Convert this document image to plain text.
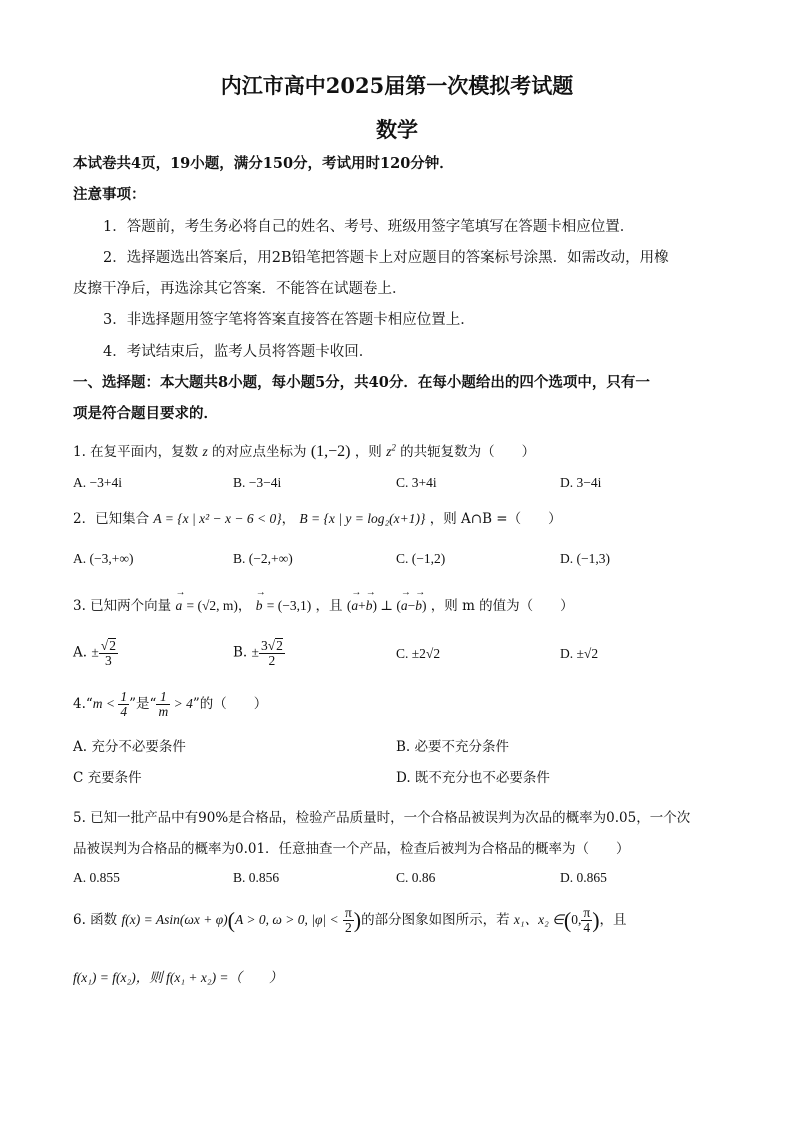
内江市高中2025届第一次模拟考试题
数学
本试卷共4页，19小题，满分150分，考试用时120分钟．
注意事项：
1．答题前，考生务必将自己的姓名、考号、班级用签字笔填写在答题卡相应位置．
2．选择题选出答案后，用2B铅笔把答题卡上对应题目的答案标号涂黑．如需改动，用橡
皮擦干净后，再选涂其它答案．不能答在试题卷上．
3．非选择题用签字笔将答案直接答在答题卡相应位置上．
4．考试结束后，监考人员将答题卡收回．
一、选择题：本大题共8小题，每小题5分，共40分．在每小题给出的四个选项中，只有一
项是符合题目要求的．
1. 在复平面内，复数 z 的对应点坐标为 (1,−2) ，则 $z^2$ 的共轭复数为（　　）
A. −3+4i	B. −3−4i	C. 3+4i	D. 3−4i
2．已知集合 A = {x | x² − x − 6 < 0}， B = {x | y = log₂(x+1)} ，则 A∩B =（　　）
A. (−3,+∞)	B. (−2,+∞)	C. (−1,2)	D. (−1,3)
3. 已知两个向量 → a = (√2, m)， → b = (−3,1) ，且 (→ a+→ b) ⊥ (→ a−→ b) ，则 m 的值为（　　）
A. ± $\frac{√2}{3}$	B. ± $\frac{3√2}{2}$	C. ±2√2	D. ±√2
4.“m < $\frac{1}{4}$ ”是“ $\frac{1}{m} > 4$”的（　　）
A. 充分不必要条件	B. 必要不充分条件
C 充要条件	D. 既不充分也不必要条件
5. 已知一批产品中有90%是合格品，检验产品质量时，一个合格品被误判为次品的概率为0.05，一个次
品被误判为合格品的概率为0.01．任意抽查一个产品，检查后被判为合格品的概率为（　　）
A. 0.855	B. 0.856	C. 0.86	D. 0.865
6. 函数 f(x) = Asin(ωx + φ)(A > 0, ω > 0, $|\varphi| < \frac{\pi}{2}$ )的部分图象如图所示，若 x₁、x₂ ∈(0, $\frac{\pi}{4}$ )，且
f(x₁) = f(x₂)，则 f(x₁ + x₂) =（　　）
